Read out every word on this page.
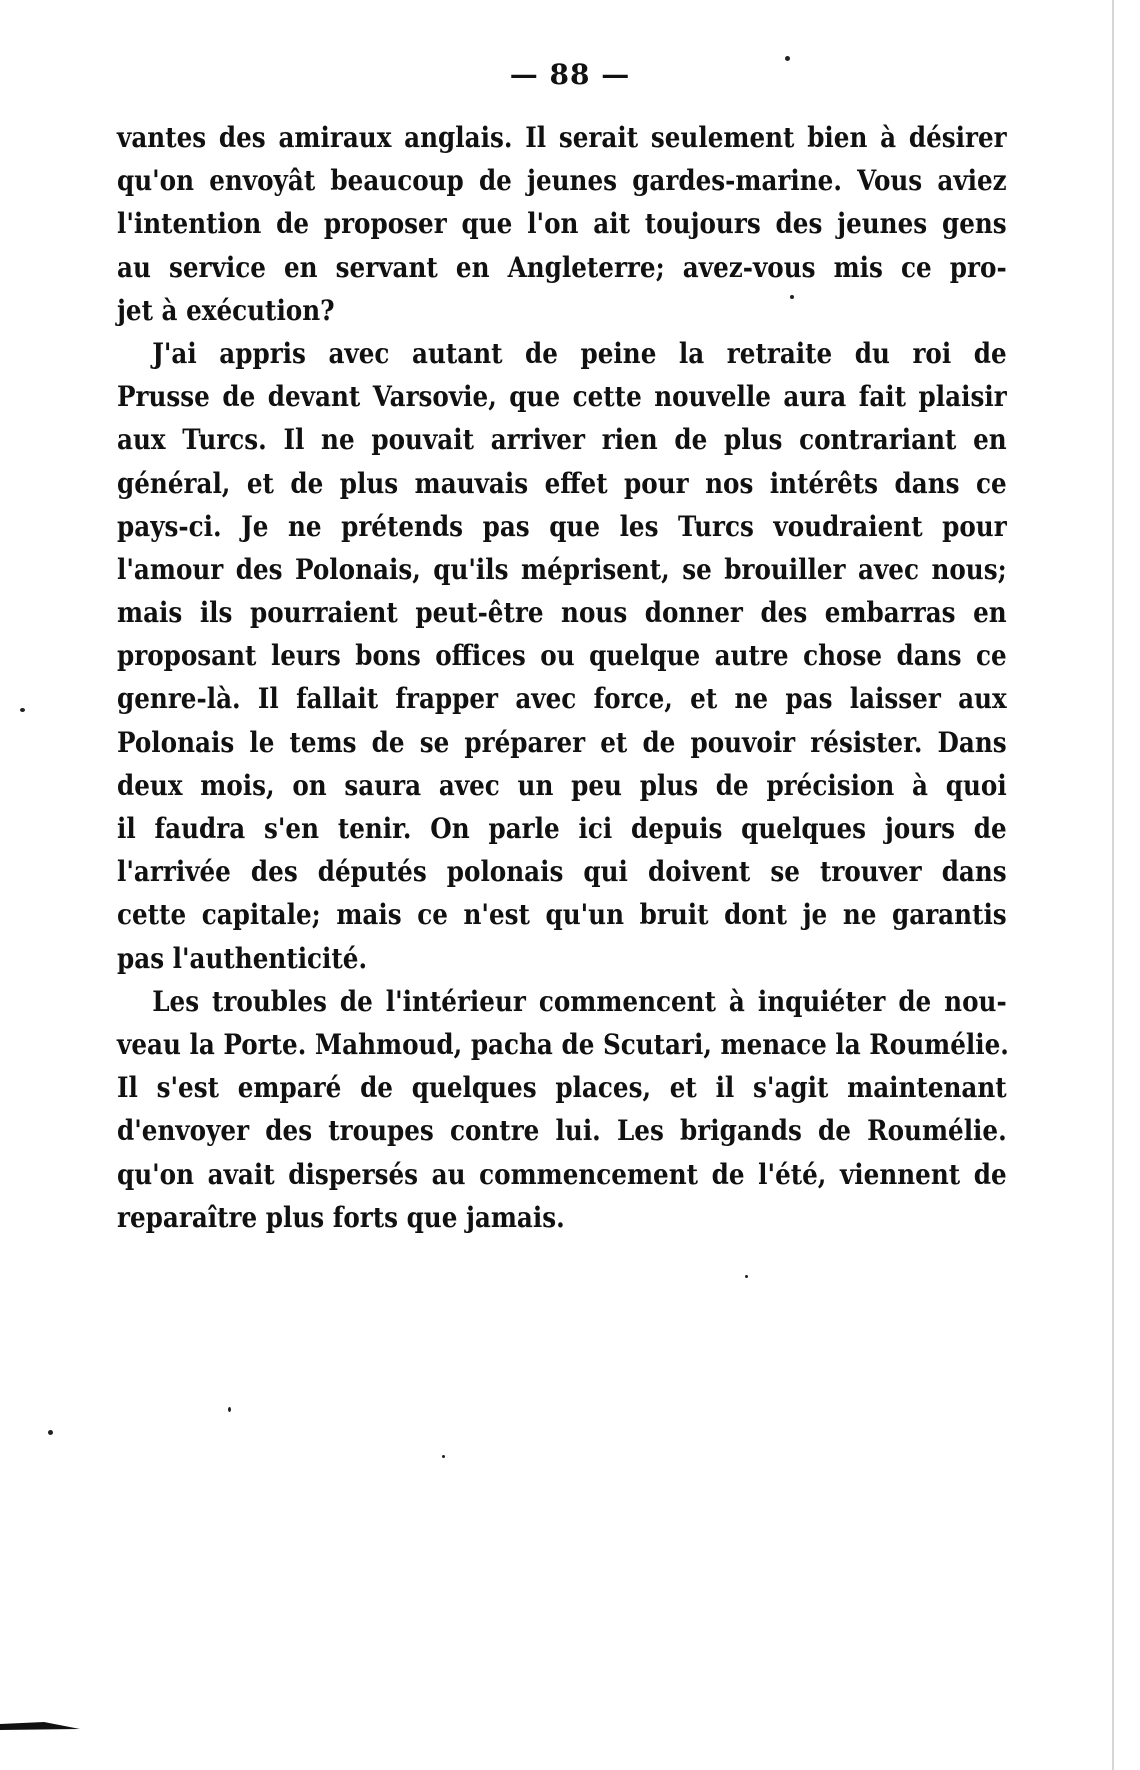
— 88 —
vantes des amiraux anglais. Il serait seulement bien à désirer
qu'on envoyât beaucoup de jeunes gardes-marine. Vous aviez
l'intention de proposer que l'on ait toujours des jeunes gens
au service en servant en Angleterre; avez-vous mis ce pro-
jet à exécution?
J'ai appris avec autant de peine la retraite du roi de
Prusse de devant Varsovie, que cette nouvelle aura fait plaisir
aux Turcs. Il ne pouvait arriver rien de plus contrariant en
général, et de plus mauvais effet pour nos intérêts dans ce
pays-ci. Je ne prétends pas que les Turcs voudraient pour
l'amour des Polonais, qu'ils méprisent, se brouiller avec nous;
mais ils pourraient peut-être nous donner des embarras en
proposant leurs bons offices ou quelque autre chose dans ce
genre-là. Il fallait frapper avec force, et ne pas laisser aux
Polonais le tems de se préparer et de pouvoir résister. Dans
deux mois, on saura avec un peu plus de précision à quoi
il faudra s'en tenir. On parle ici depuis quelques jours de
l'arrivée des députés polonais qui doivent se trouver dans
cette capitale; mais ce n'est qu'un bruit dont je ne garantis
pas l'authenticité.
Les troubles de l'intérieur commencent à inquiéter de nou-
veau la Porte. Mahmoud, pacha de Scutari, menace la Roumélie.
Il s'est emparé de quelques places, et il s'agit maintenant
d'envoyer des troupes contre lui. Les brigands de Roumélie.
qu'on avait dispersés au commencement de l'été, viennent de
reparaître plus forts que jamais.
